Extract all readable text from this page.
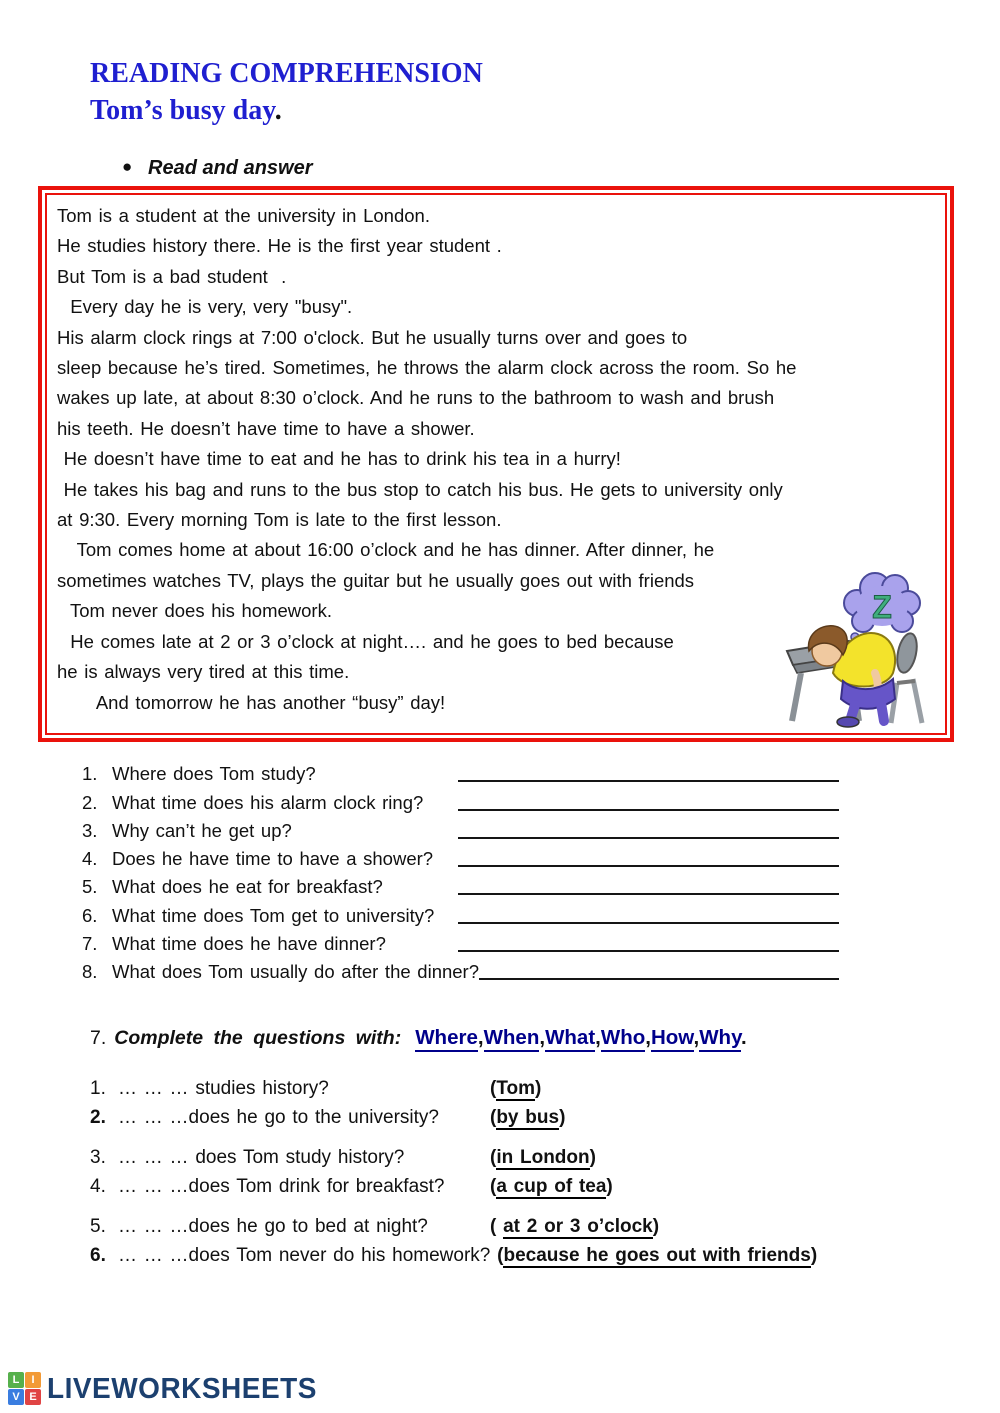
READING COMPREHENSION
Tom’s busy day.
● Read and answer
Tom is a student at the university in London.
He studies history there. He is the first year student .
But Tom is a bad student  .
Every day he is very, very "busy".
His alarm clock rings at 7:00 o'clock. But he usually turns over and goes to
sleep because he’s tired. Sometimes, he throws the alarm clock across the room. So he
wakes up late, at about 8:30 o’clock. And he runs to the bathroom to wash and brush
his teeth. He doesn’t have time to have a shower.
He doesn’t have time to eat and he has to drink his tea in a hurry!
He takes his bag and runs to the bus stop to catch his bus. He gets to university only
at 9:30. Every morning Tom is late to the first lesson.
Tom comes home at about 16:00 o’clock and he has dinner. After dinner, he
sometimes watches TV, plays the guitar but he usually goes out with friends
Tom never does his homework.
He comes late at 2 or 3 o’clock at night…. and he goes to bed because
he is always very tired at this time.
And tomorrow he has another “busy” day!
Z
1. Where does Tom study?
2. What time does his alarm clock ring?
3. Why can’t he get up?
4. Does he have time to have a shower?
5. What does he eat for breakfast?
6. What time does Tom get to university?
7. What time does he have dinner?
8. What does Tom usually do after the dinner?
7. Complete the questions with: Where,When,What,Who,How,Why.
1. … … … studies history?	(Tom)
2. … … …does he go to the university?	(by bus)
3. … … … does Tom study history?	(in London)
4. … … …does Tom drink for breakfast?	(a cup of tea)
5. … … …does he go to bed at night?	( at 2 or 3 o’clock)
6. … … …does Tom never do his homework? (because he goes out with friends)
L	I
V E LIVEWORKSHEETS
